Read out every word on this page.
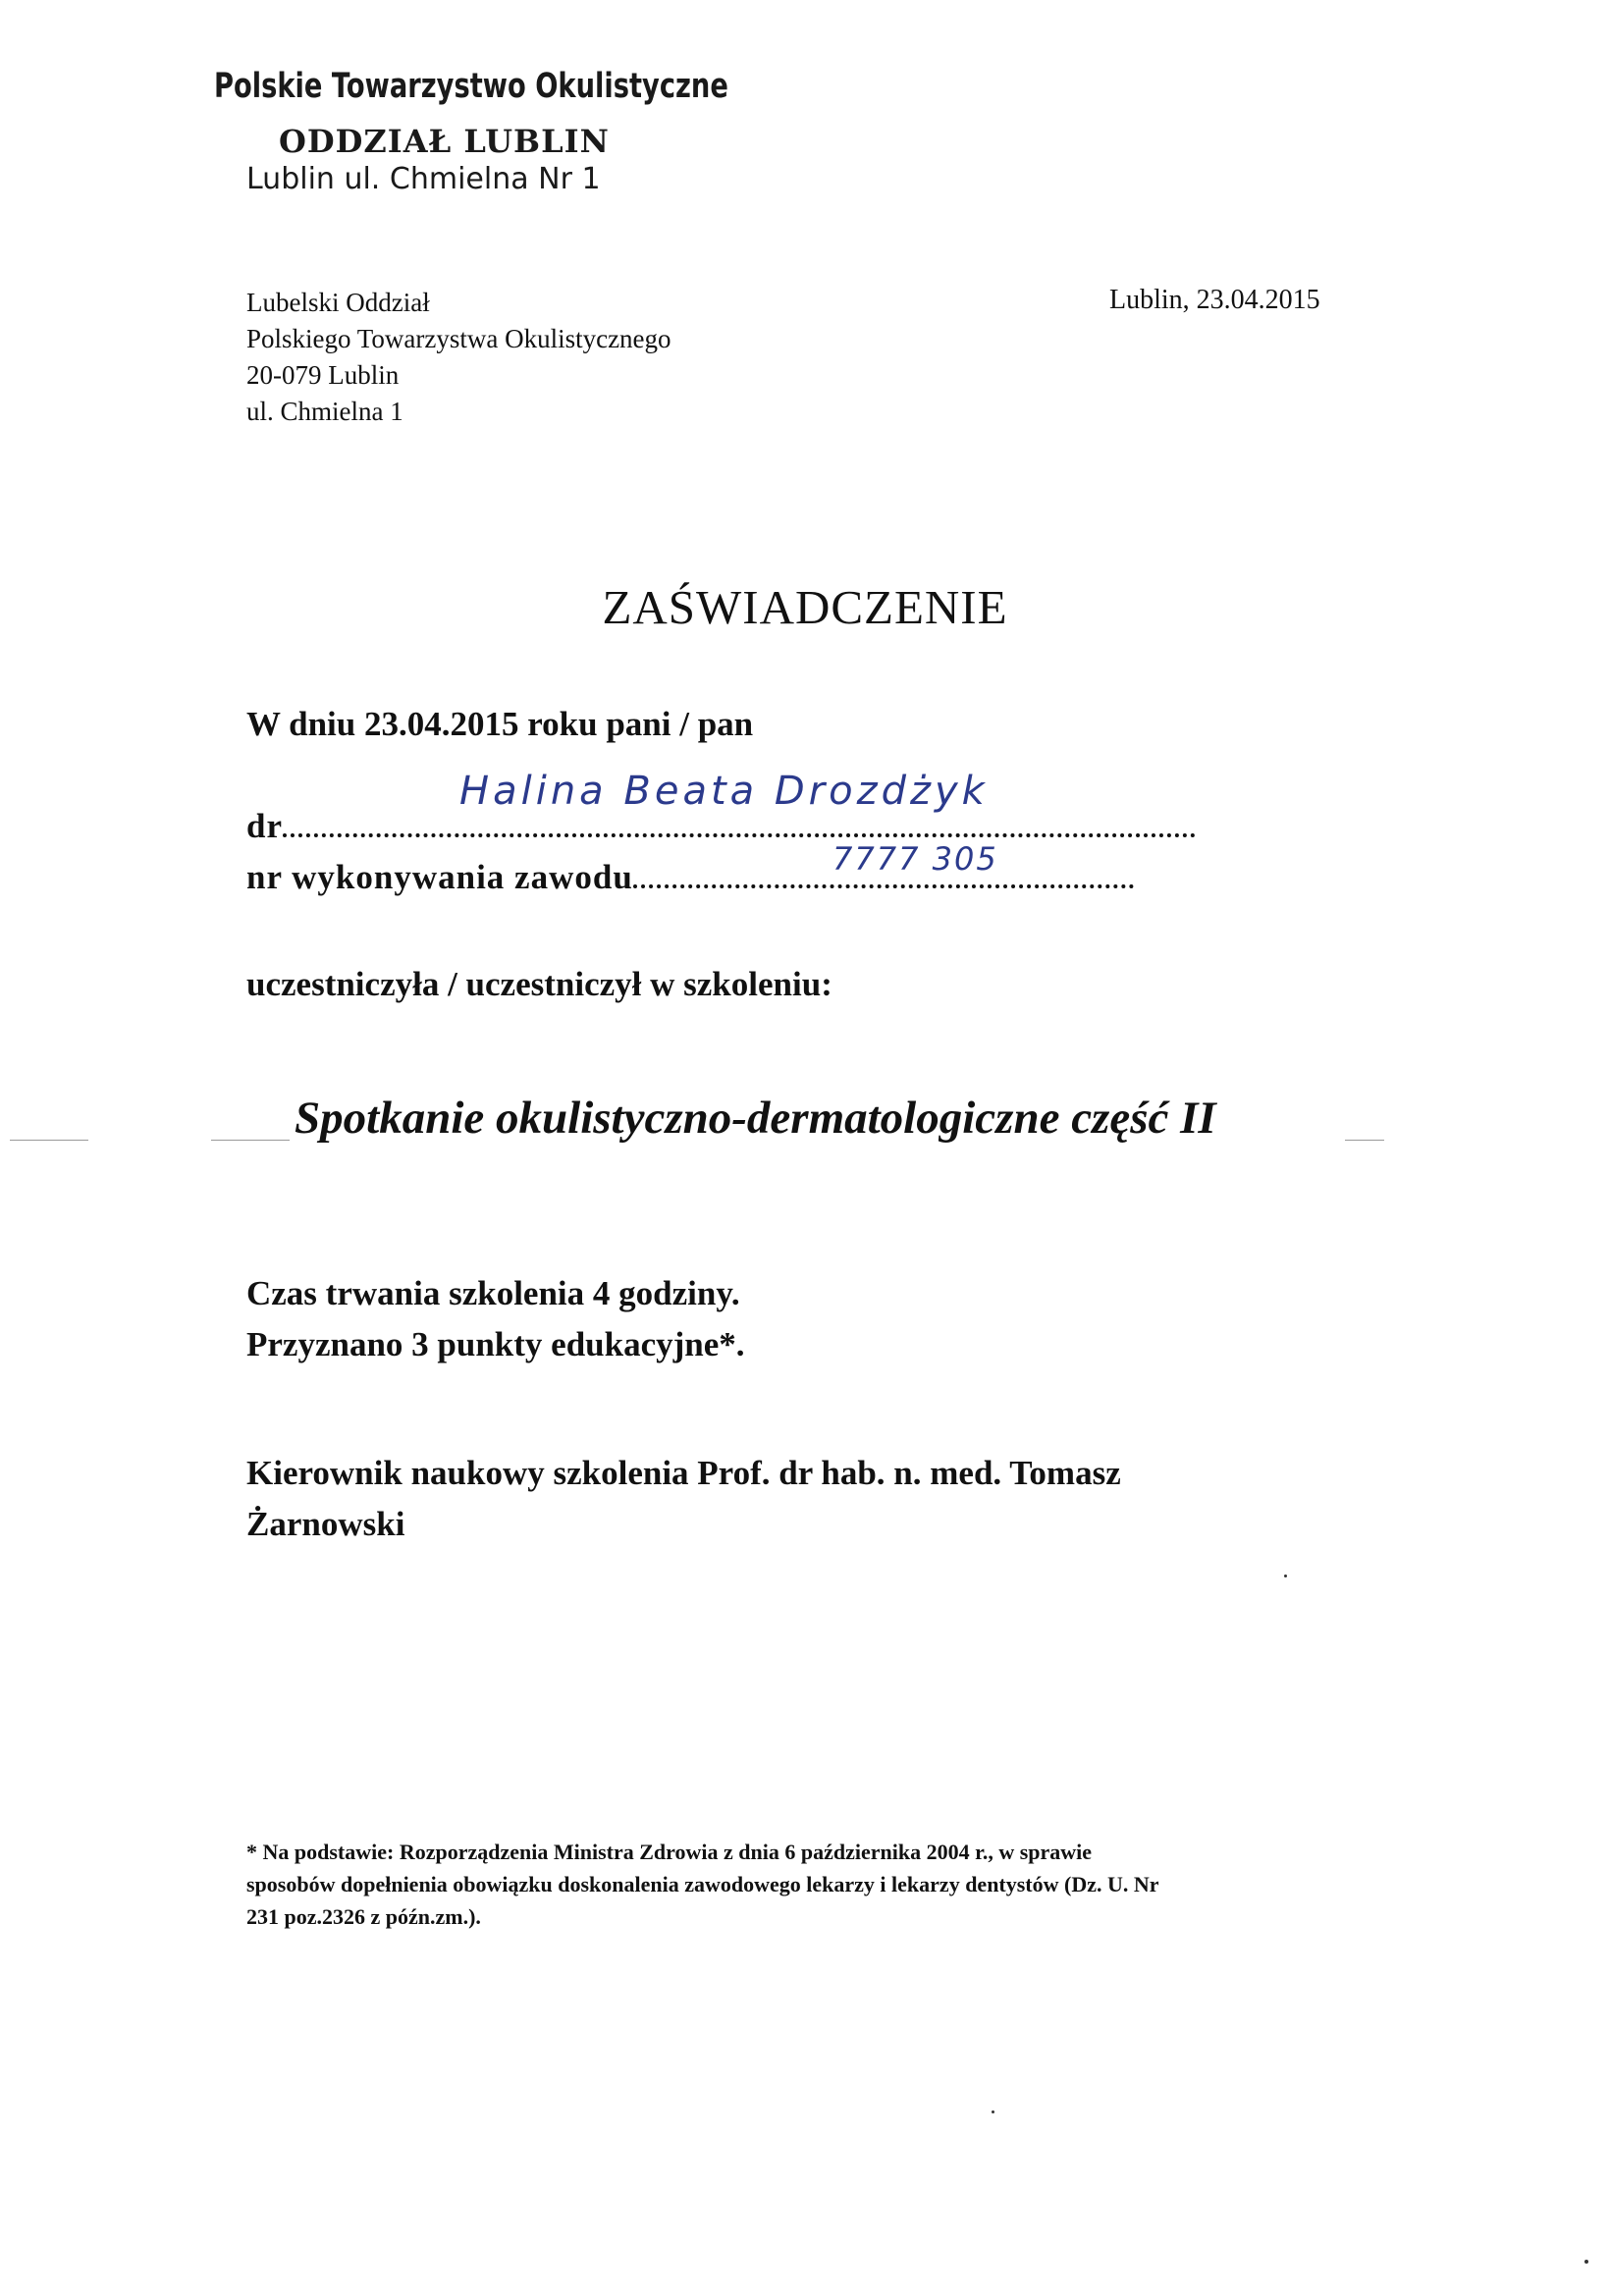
Polskie Towarzystwo Okulistyczne
ODDZIAŁ LUBLIN
Lublin ul. Chmielna Nr 1
Lubelski Oddział
Polskiego Towarzystwa Okulistycznego
20-079 Lublin
ul. Chmielna 1
Lublin, 23.04.2015
ZAŚWIADCZENIE
W dniu 23.04.2015 roku pani / pan
dr
Halina Beata Drozdżyk
nr wykonywania zawodu	7777 305
uczestniczyła / uczestniczył w szkoleniu:
Spotkanie okulistyczno-dermatologiczne część II
Czas trwania szkolenia 4 godziny.
Przyznano 3 punkty edukacyjne*.
Kierownik naukowy szkolenia Prof. dr hab. n. med. Tomasz
Żarnowski
* Na podstawie: Rozporządzenia Ministra Zdrowia z dnia 6 października 2004 r., w sprawie
sposobów dopełnienia obowiązku doskonalenia zawodowego lekarzy i lekarzy dentystów (Dz. U. Nr
231 poz.2326 z późn.zm.).
